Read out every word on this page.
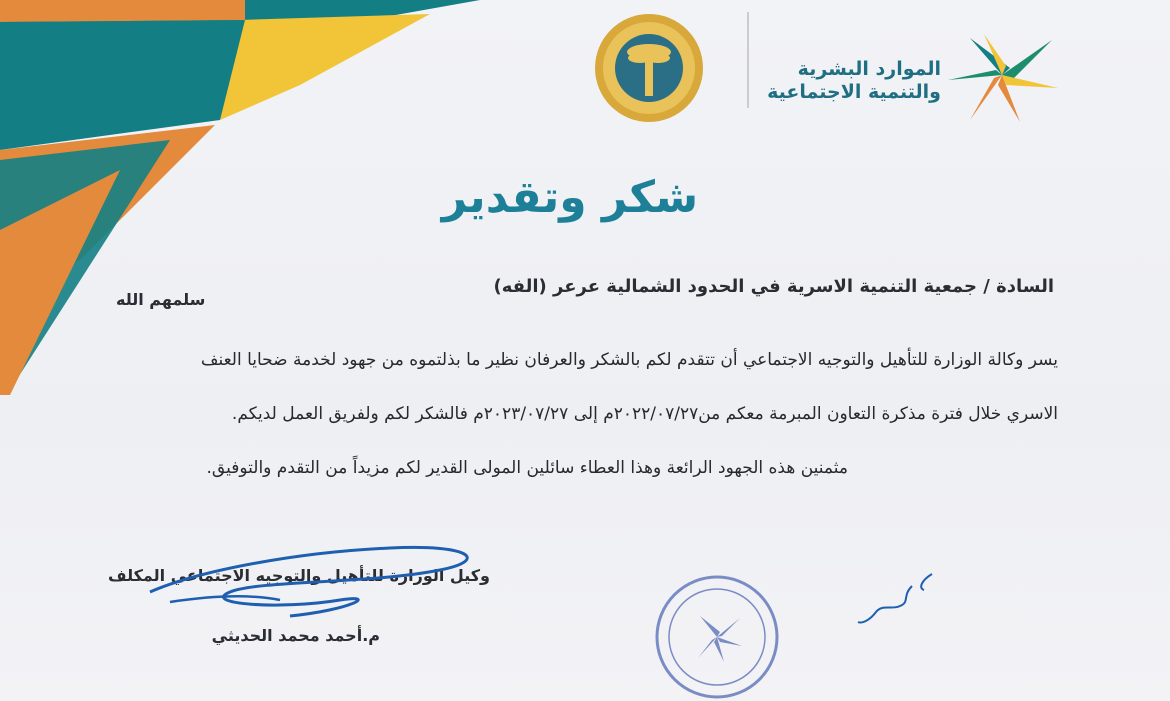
الموارد البشرية
والتنمية الاجتماعية
شكر وتقدير
السادة / جمعية التنمية الاسرية في الحدود الشمالية عرعر (الفه)
سلمهم الله
يسر وكالة الوزارة للتأهيل والتوجيه الاجتماعي أن تتقدم لكم بالشكر والعرفان نظير ما بذلتموه من جهود لخدمة ضحايا العنف
الاسري خلال فترة مذكرة التعاون المبرمة معكم من٢٠٢٢/٠٧/٢٧م إلى ٢٠٢٣/٠٧/٢٧م فالشكر لكم ولفريق العمل لديكم.
مثمنين هذه الجهود الرائعة وهذا العطاء سائلين المولى القدير لكم مزيداً من التقدم والتوفيق.
وكيل الوزارة للتأهيل والتوجيه الاجتماعي المكلف
م.أحمد محمد الحديثي
